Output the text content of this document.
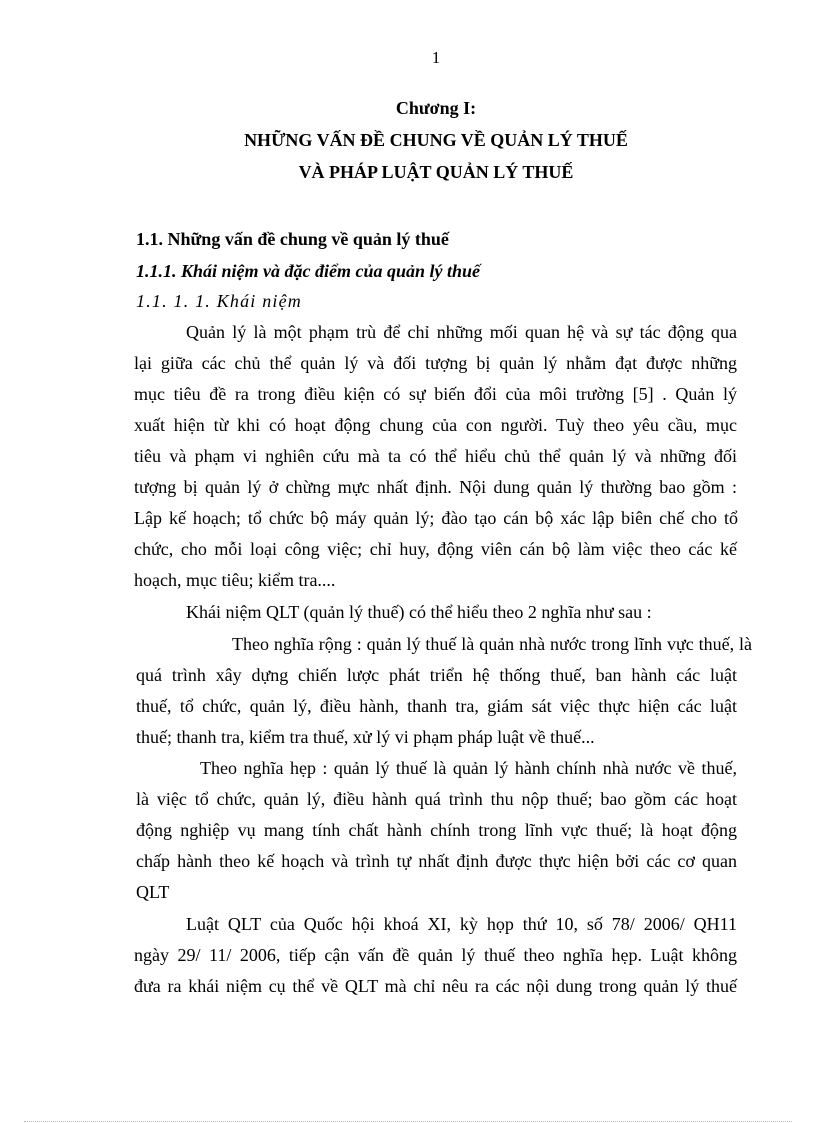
1
Chương I:
NHỮNG VẤN ĐỀ CHUNG VỀ QUẢN LÝ THUẾ
VÀ PHÁP LUẬT QUẢN LÝ THUẾ
1.1. Những vấn đề chung về quản lý thuế
1.1.1. Khái niệm và đặc điểm của quản lý thuế
1.1. 1. 1. Khái niệm
Quản lý là một phạm trù để chỉ những mối quan hệ và sự tác động qua
lại giữa các chủ thể quản lý và đối tượng bị quản lý nhằm đạt được những
mục tiêu đề ra trong điều kiện có sự biến đổi của môi trường [5] . Quản lý
xuất hiện từ khi có hoạt động chung của con người. Tuỳ theo yêu cầu, mục
tiêu và phạm vi nghiên cứu mà ta có thể hiểu chủ thể quản lý và những đối
tượng bị quản lý ở chừng mực nhất định. Nội dung quản lý thường bao gồm :
Lập kế hoạch; tổ chức bộ máy quản lý; đào tạo cán bộ xác lập biên chế cho tổ
chức, cho mỗi loại công việc; chỉ huy, động viên cán bộ làm việc theo các kế
hoạch, mục tiêu; kiểm tra....
Khái niệm QLT (quản lý thuế) có thể hiểu theo 2 nghĩa như sau :
Theo nghĩa rộng : quản lý thuế là quản nhà nước trong lĩnh vực thuế, là
quá trình xây dựng chiến lược phát triển hệ thống thuế, ban hành các luật
thuế, tổ chức, quản lý, điều hành, thanh tra, giám sát việc thực hiện các luật
thuế; thanh tra, kiểm tra thuế, xử lý vi phạm pháp luật về thuế...
Theo nghĩa hẹp : quản lý thuế là quản lý hành chính nhà nước về thuế,
là việc tổ chức, quản lý, điều hành quá trình thu nộp thuế; bao gồm các hoạt
động nghiệp vụ mang tính chất hành chính trong lĩnh vực thuế; là hoạt động
chấp hành theo kế hoạch và trình tự nhất định được thực hiện bởi các cơ quan
QLT
Luật QLT của Quốc hội khoá XI, kỳ họp thứ 10, số 78/ 2006/ QH11
ngày 29/ 11/ 2006, tiếp cận vấn đề quản lý thuế theo nghĩa hẹp. Luật không
đưa ra khái niệm cụ thể về QLT mà chỉ nêu ra các nội dung trong quản lý thuế
